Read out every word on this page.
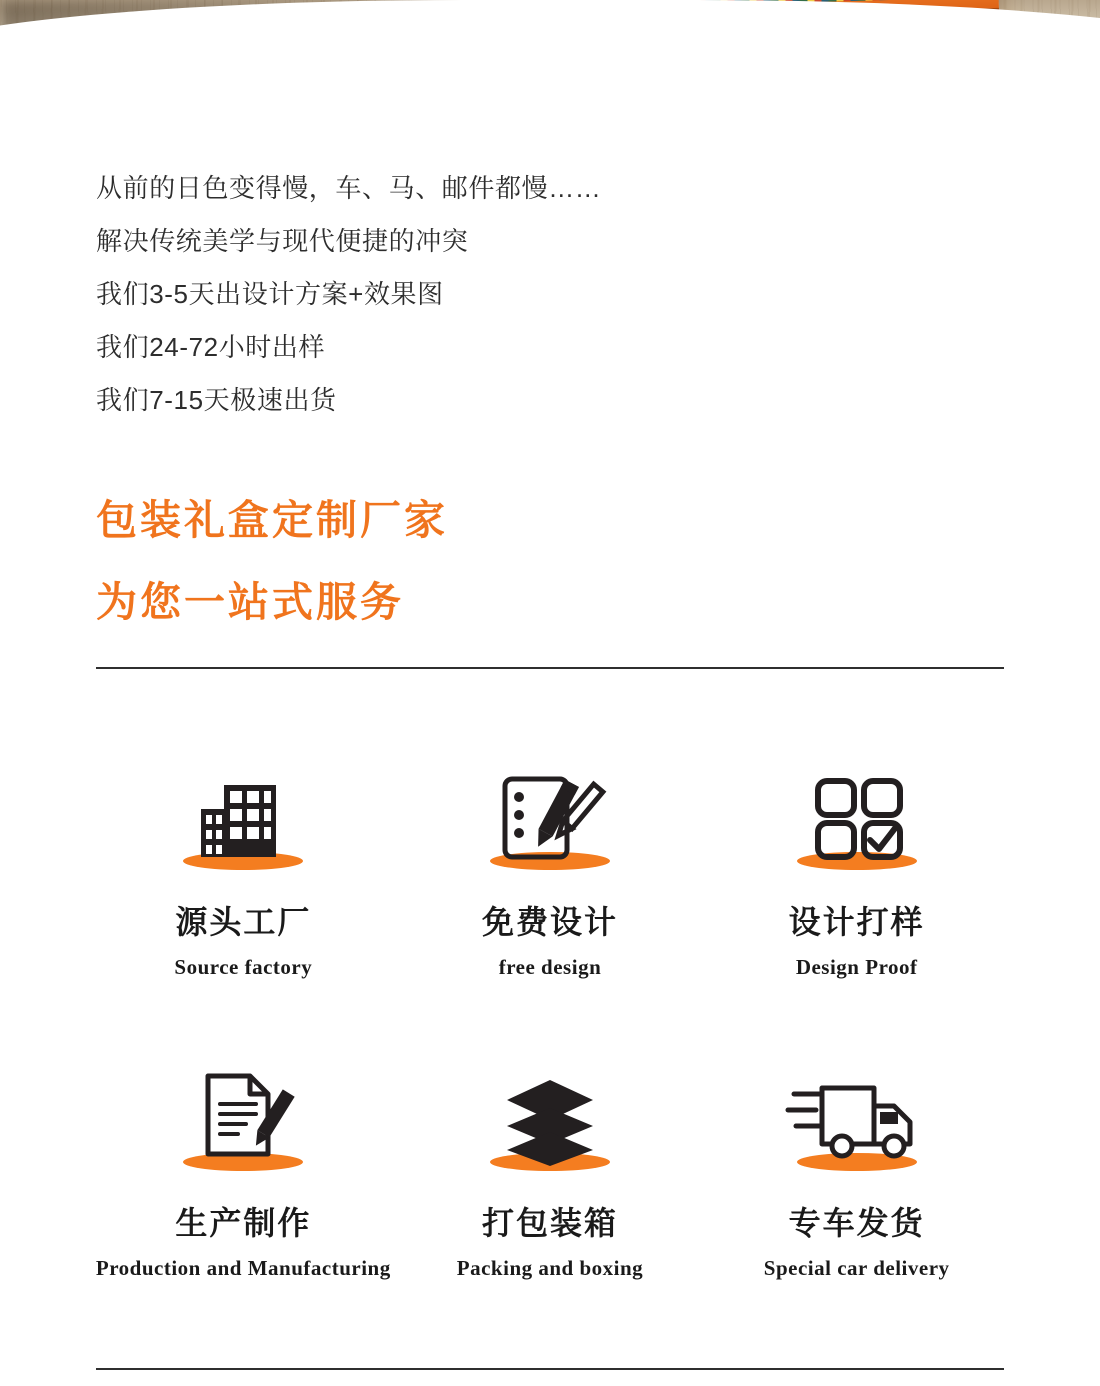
从前的日色变得慢，车、马、邮件都慢……
解决传统美学与现代便捷的冲突
我们3-5天出设计方案+效果图
我们24-72小时出样
我们7-15天极速出货
包装礼盒定制厂家
为您一站式服务
源头工厂
Source factory
免费设计
free design
设计打样
Design Proof
生产制作
Production and Manufacturing
打包装箱
Packing and boxing
专车发货
Special car delivery
